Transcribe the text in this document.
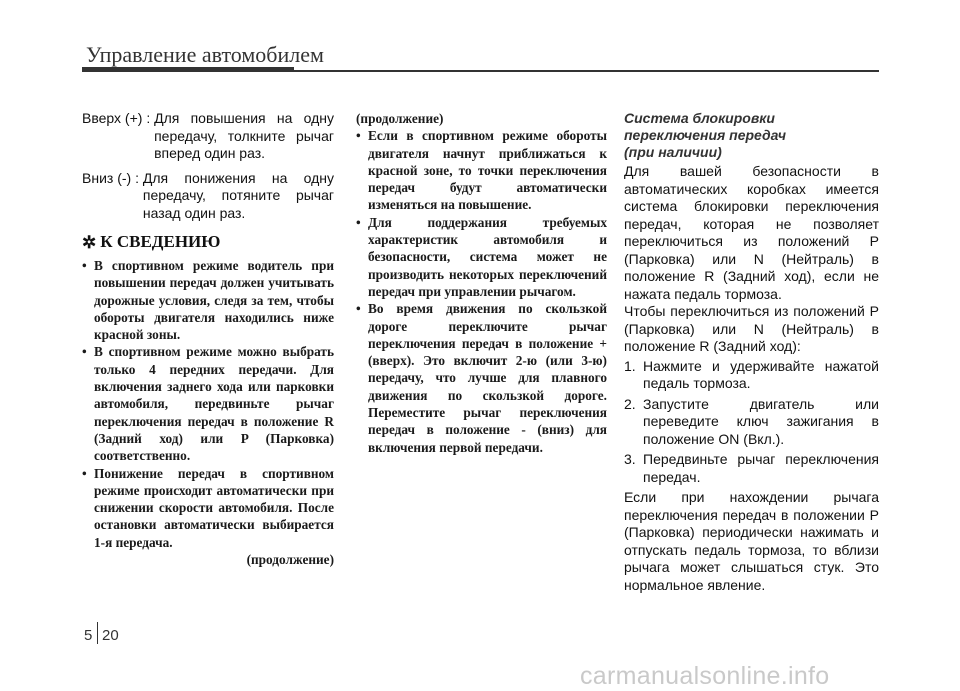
Управление автомобилем
Вверх (+) : Для повышения на одну передачу, толкните рычаг вперед один раз.
Вниз (-) : Для понижения на одну передачу, потяните рычаг назад один раз.
✲ К СВЕДЕНИЮ
• В спортивном режиме водитель при повышении передач должен учитывать дорожные условия, следя за тем, чтобы обороты двигателя находились ниже красной зоны.
• В спортивном режиме можно выбрать только 4 передних передачи. Для включения заднего хода или парковки автомобиля, передвиньте рычаг переключения передач в положение R (Задний ход) или P (Парковка) соответственно.
• Понижение передач в спортивном режиме происходит автоматически при снижении скорости автомобиля. После остановки автоматически выбирается 1-я передача.
(продолжение)
(продолжение)
• Если в спортивном режиме обороты двигателя начнут приближаться к красной зоне, то точки переключения передач будут автоматически изменяться на повышение.
• Для поддержания требуемых характеристик автомобиля и безопасности, система может не производить некоторых переключений передач при управлении рычагом.
• Во время движения по скользкой дороге переключите рычаг переключения передач в положение + (вверх). Это включит 2-ю (или 3-ю) передачу, что лучше для плавного движения по скользкой дороге. Переместите рычаг переключения передач в положение - (вниз) для включения первой передачи.
Система блокировки
переключения передач
(при наличии)

Для вашей безопасности в автоматических коробках имеется система блокировки переключения передач, которая не позволяет переключиться из положений P (Парковка) или N (Нейтраль) в положение R (Задний ход), если не нажата педаль тормоза.

Чтобы переключиться из положений P (Парковка) или N (Нейтраль) в положение R (Задний ход):

1. Нажмите и удерживайте нажатой педаль тормоза.
2. Запустите двигатель или переведите ключ зажигания в положение ON (Вкл.).
3. Передвиньте рычаг переключения передач.

Если при нахождении рычага переключения передач в положении P (Парковка) периодически нажимать и отпускать педаль тормоза, то вблизи рычага может слышаться стук. Это нормальное явление.

5 20
carmanualsonline.info
